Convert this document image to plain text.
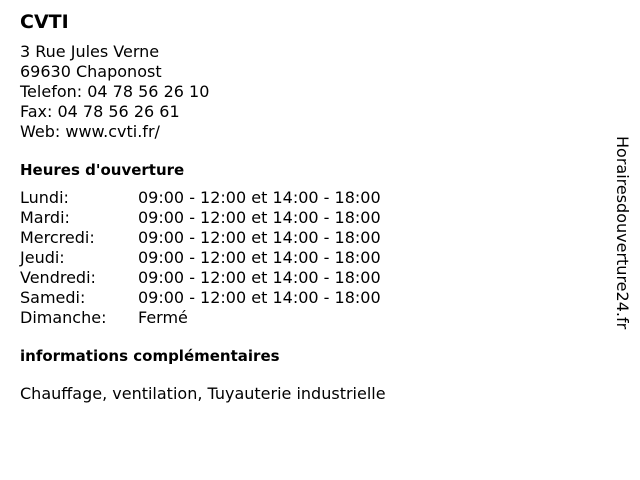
CVTI
3 Rue Jules Verne
69630 Chaponost
Telefon: 04 78 56 26 10
Fax: 04 78 56 26 61
Web: www.cvti.fr/
Heures d'ouverture
Lundi:	09:00 - 12:00 et 14:00 - 18:00
Mardi:	09:00 - 12:00 et 14:00 - 18:00
Mercredi:	09:00 - 12:00 et 14:00 - 18:00
Jeudi:	09:00 - 12:00 et 14:00 - 18:00
Vendredi:	09:00 - 12:00 et 14:00 - 18:00
Samedi:	09:00 - 12:00 et 14:00 - 18:00
Dimanche:	Fermé
informations complémentaires
Chauffage, ventilation, Tuyauterie industrielle
Horairesdouverture24.fr
